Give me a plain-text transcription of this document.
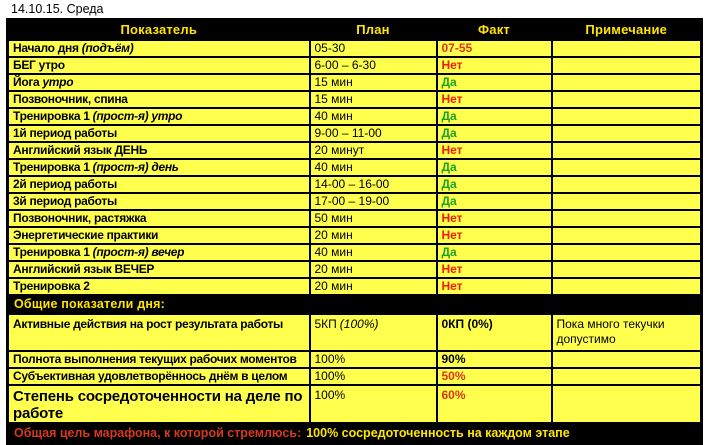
14.10.15. Среда
Показатель	План	Факт	Примечание
Начало дня (подъём)	05-30	07-55	
БЕГ утро	6-00 – 6-30	Нет	
Йога утро	15 мин	Да	
Позвоночник, спина	15 мин	Нет	
Тренировка 1 (прост-я) утро	40 мин	Да	
1й период работы	9-00 – 11-00	Да	
Английский язык ДЕНЬ	20 минут	Нет	
Тренировка 1 (прост-я) день	40 мин	Да	
2й период работы	14-00 – 16-00	Да	
3й период работы	17-00 – 19-00	Да	
Позвоночник, растяжка	50 мин	Нет	
Энергетические практики	20 мин	Нет	
Тренировка 1 (прост-я) вечер	40 мин	Да	
Английский язык ВЕЧЕР	20 мин	Нет	
Тренировка 2	20 мин	Нет	
Общие показатели дня:			
Активные действия на рост результата работы	5КП (100%)	0КП (0%)	Пока много текучки допустимо
Полнота выполнения текущих рабочих моментов	100%	90%	
Субъективная удовлетворённось днём в целом	100%	50%	
Степень сосредоточенности на деле по работе	100%	60%	
Общая цель марафона, к которой стремлюсь: 100% сосредоточенность на каждом этапе			
